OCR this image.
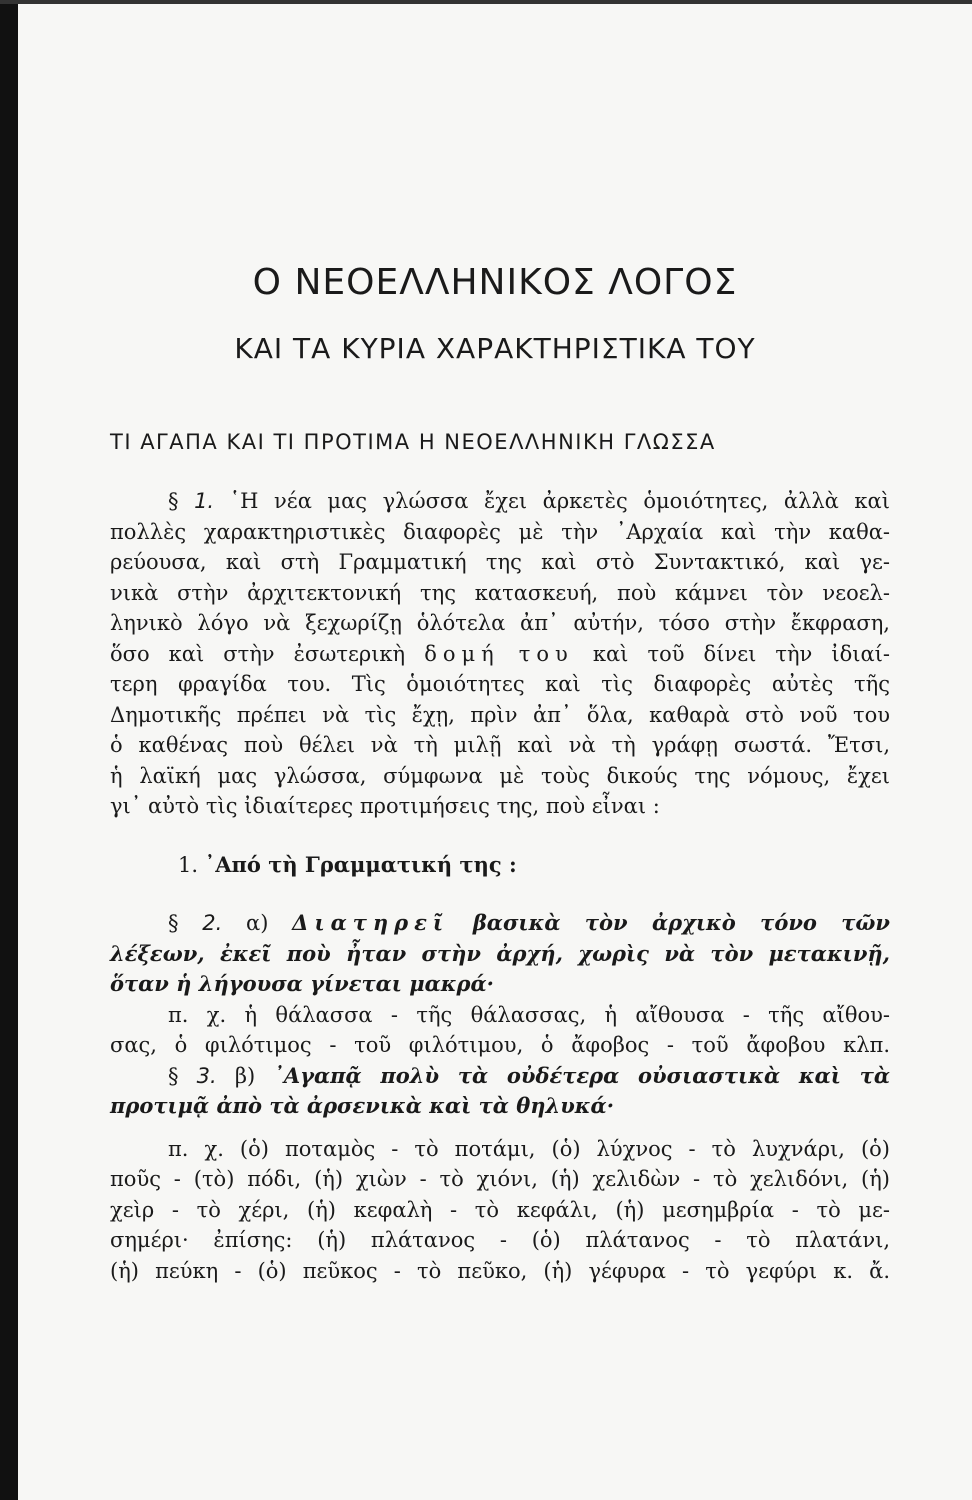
Ο ΝΕΟΕΛΛΗΝΙΚΟΣ ΛΟΓΟΣ
ΚΑΙ ΤΑ ΚΥΡΙΑ ΧΑΡΑΚΤΗΡΙΣΤΙΚΑ ΤΟΥ
ΤΙ ΑΓΑΠΑ ΚΑΙ ΤΙ ΠΡΟΤΙΜΑ Η ΝΕΟΕΛΛΗΝΙΚΗ ΓΛΩΣΣΑ
§ 1. ῾Η νέα μας γλώσσα ἔχει ἀρκετὲς ὁμοιότητες, ἀλλὰ καὶ
πολλὲς χαρακτηριστικὲς διαφορὲς μὲ τὴν ᾿Αρχαία καὶ τὴν καθα-
ρεύουσα, καὶ στὴ Γραμματική της καὶ στὸ Συντακτικό, καὶ γε-
νικὰ στὴν ἀρχιτεκτονική της κατασκευή, ποὺ κάμνει τὸν νεοελ-
ληνικὸ λόγο νὰ ξεχωρίζῃ ὁλότελα ἀπ᾿ αὐτήν, τόσο στὴν ἔκφραση,
ὅσο καὶ στὴν ἐσωτερικὴ δομή του καὶ τοῦ δίνει τὴν ἰδιαί-
τερη φραγίδα του. Τὶς ὁμοιότητες καὶ τὶς διαφορὲς αὐτὲς τῆς
Δημοτικῆς πρέπει νὰ τὶς ἔχῃ, πρὶν ἀπ᾿ ὅλα, καθαρὰ στὸ νοῦ του
ὁ καθένας ποὺ θέλει νὰ τὴ μιλῇ καὶ νὰ τὴ γράφῃ σωστά. Ἔτσι,
ἡ λαϊκή μας γλώσσα, σύμφωνα μὲ τοὺς δικούς της νόμους, ἔχει
γι᾿ αὐτὸ τὶς ἰδιαίτερες προτιμήσεις της, ποὺ εἶναι :
1. ᾿Από τὴ Γραμματική της :
§ 2. α) Διατηρεῖ βασικὰ τὸν ἀρχικὸ τόνο τῶν
λέξεων, ἐκεῖ ποὺ ἦταν στὴν ἀρχή, χωρὶς νὰ τὸν μετακινῇ,
ὅταν ἡ λήγουσα γίνεται μακρά·
π. χ. ἡ θάλασσα - τῆς θάλασσας, ἡ αἴθουσα - τῆς αἴθου-
σας, ὁ φιλότιμος - τοῦ φιλότιμου, ὁ ἄφοβος - τοῦ ἄφοβου κλπ.
§ 3. β) ᾿Αγαπᾷ πολὺ τὰ οὐδέτερα οὐσιαστικὰ καὶ τὰ
προτιμᾷ ἀπὸ τὰ ἀρσενικὰ καὶ τὰ θηλυκά·
π. χ. (ὁ) ποταμὸς - τὸ ποτάμι, (ὁ) λύχνος - τὸ λυχνάρι, (ὁ)
ποῦς - (τὸ) πόδι, (ἡ) χιὼν - τὸ χιόνι, (ἡ) χελιδὼν - τὸ χελιδόνι, (ἡ)
χεὶρ - τὸ χέρι, (ἡ) κεφαλὴ - τὸ κεφάλι, (ἡ) μεσημβρία - τὸ με-
σημέρι· ἐπίσης: (ἡ) πλάτανος - (ὁ) πλάτανος - τὸ πλατάνι,
(ἡ) πεύκη - (ὁ) πεῦκος - τὸ πεῦκο, (ἡ) γέφυρα - τὸ γεφύρι κ. ἄ.
